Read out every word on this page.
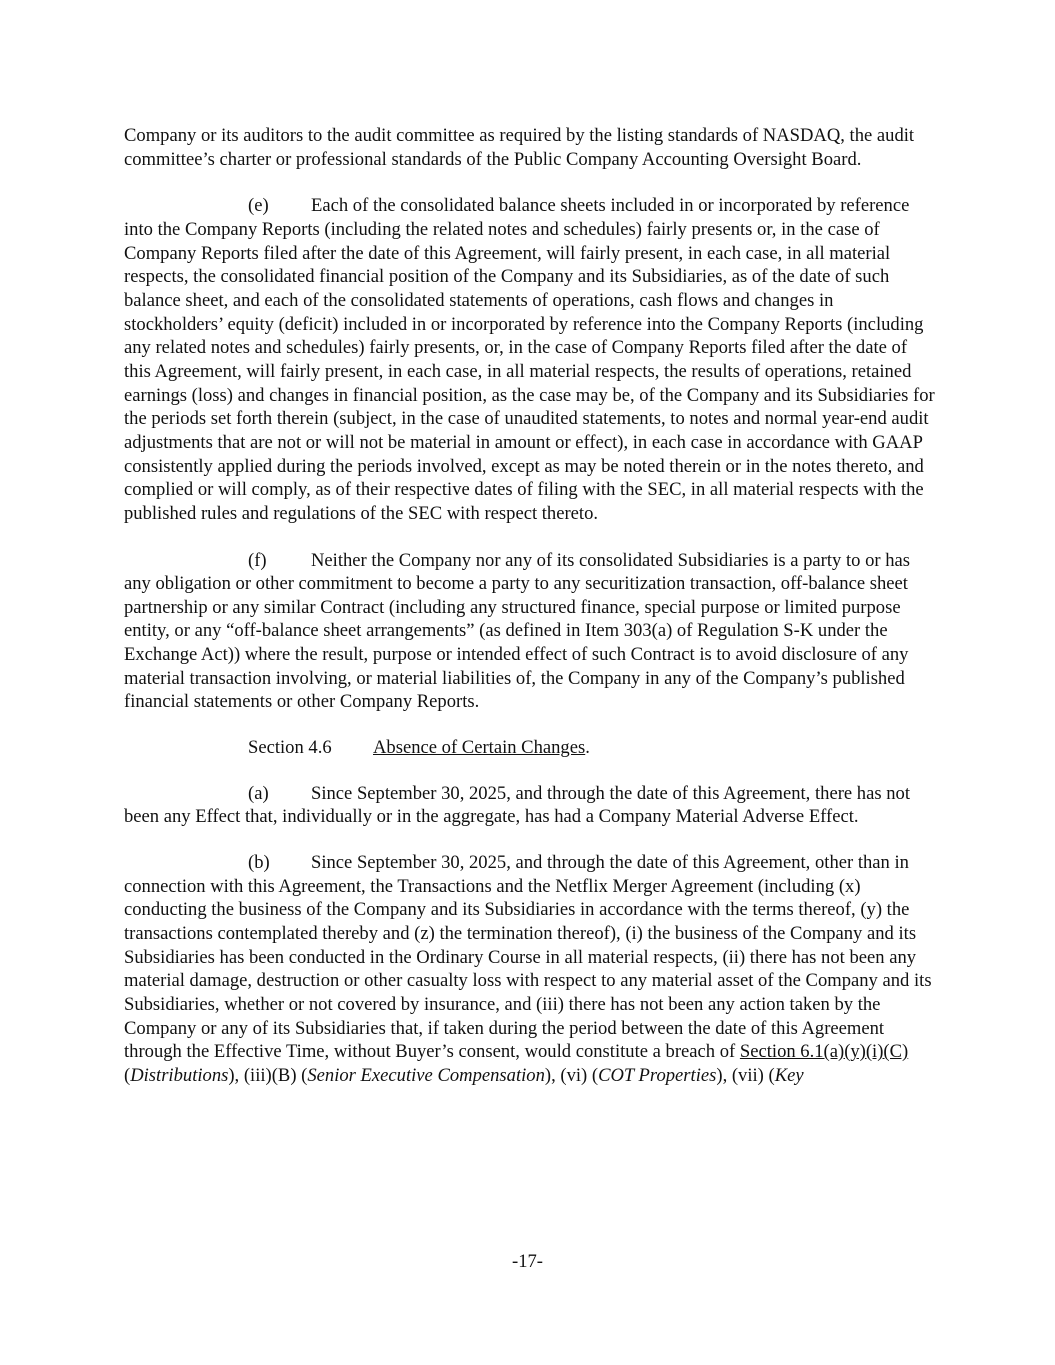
Company or its auditors to the audit committee as required by the listing standards of NASDAQ, the audit committee’s charter or professional standards of the Public Company Accounting Oversight Board.

(e) Each of the consolidated balance sheets included in or incorporated by reference into the Company Reports (including the related notes and schedules) fairly presents or, in the case of Company Reports filed after the date of this Agreement, will fairly present, in each case, in all material respects, the consolidated financial position of the Company and its Subsidiaries, as of the date of such balance sheet, and each of the consolidated statements of operations, cash flows and changes in stockholders’ equity (deficit) included in or incorporated by reference into the Company Reports (including any related notes and schedules) fairly presents, or, in the case of Company Reports filed after the date of this Agreement, will fairly present, in each case, in all material respects, the results of operations, retained earnings (loss) and changes in financial position, as the case may be, of the Company and its Subsidiaries for the periods set forth therein (subject, in the case of unaudited statements, to notes and normal year-end audit adjustments that are not or will not be material in amount or effect), in each case in accordance with GAAP consistently applied during the periods involved, except as may be noted therein or in the notes thereto, and complied or will comply, as of their respective dates of filing with the SEC, in all material respects with the published rules and regulations of the SEC with respect thereto.

(f) Neither the Company nor any of its consolidated Subsidiaries is a party to or has any obligation or other commitment to become a party to any securitization transaction, off-balance sheet partnership or any similar Contract (including any structured finance, special purpose or limited purpose entity, or any “off-balance sheet arrangements” (as defined in Item 303(a) of Regulation S-K under the Exchange Act)) where the result, purpose or intended effect of such Contract is to avoid disclosure of any material transaction involving, or material liabilities of, the Company in any of the Company’s published financial statements or other Company Reports.

Section 4.6 Absence of Certain Changes.

(a) Since September 30, 2025, and through the date of this Agreement, there has not been any Effect that, individually or in the aggregate, has had a Company Material Adverse Effect.

(b) Since September 30, 2025, and through the date of this Agreement, other than in connection with this Agreement, the Transactions and the Netflix Merger Agreement (including (x) conducting the business of the Company and its Subsidiaries in accordance with the terms thereof, (y) the transactions contemplated thereby and (z) the termination thereof), (i) the business of the Company and its Subsidiaries has been conducted in the Ordinary Course in all material respects, (ii) there has not been any material damage, destruction or other casualty loss with respect to any material asset of the Company and its Subsidiaries, whether or not covered by insurance, and (iii) there has not been any action taken by the Company or any of its Subsidiaries that, if taken during the period between the date of this Agreement through the Effective Time, without Buyer’s consent, would constitute a breach of Section 6.1(a)(y)(i)(C) (Distributions), (iii)(B) (Senior Executive Compensation), (vi) (COT Properties), (vii) (Key

-17-
